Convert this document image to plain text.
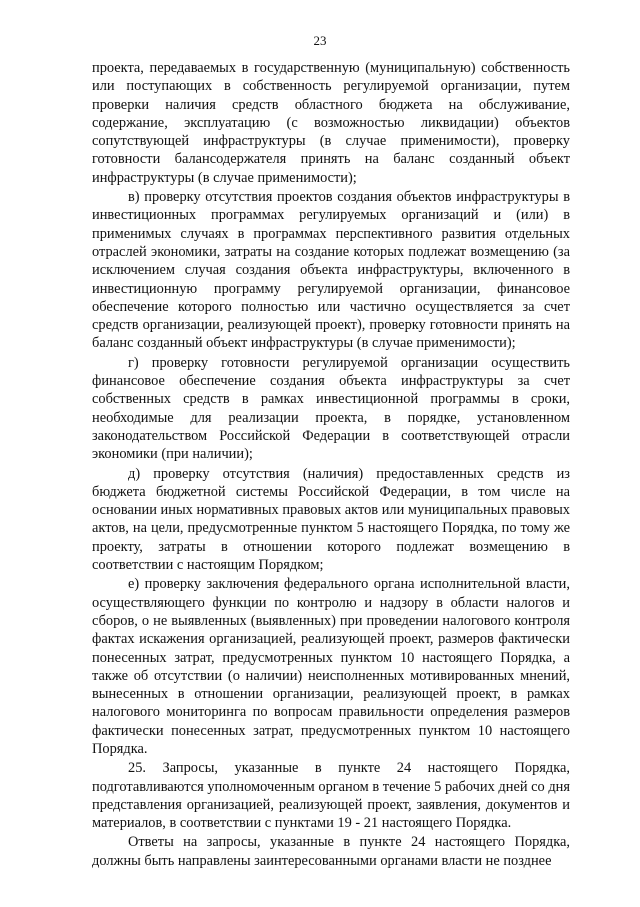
23

проекта, передаваемых в государственную (муниципальную) собственность или поступающих в собственность регулируемой организации, путем проверки наличия средств областного бюджета на обслуживание, содержание, эксплуатацию (с возможностью ликвидации) объектов сопутствующей инфраструктуры (в случае применимости), проверку готовности балансодержателя принять на баланс созданный объект инфраструктуры (в случае применимости);

в) проверку отсутствия проектов создания объектов инфраструктуры в инвестиционных программах регулируемых организаций и (или) в применимых случаях в программах перспективного развития отдельных отраслей экономики, затраты на создание которых подлежат возмещению (за исключением случая создания объекта инфраструктуры, включенного в инвестиционную программу регулируемой организации, финансовое обеспечение которого полностью или частично осуществляется за счет средств организации, реализующей проект), проверку готовности принять на баланс созданный объект инфраструктуры (в случае применимости);

г) проверку готовности регулируемой организации осуществить финансовое обеспечение создания объекта инфраструктуры за счет собственных средств в рамках инвестиционной программы в сроки, необходимые для реализации проекта, в порядке, установленном законодательством Российской Федерации в соответствующей отрасли экономики (при наличии);

д) проверку отсутствия (наличия) предоставленных средств из бюджета бюджетной системы Российской Федерации, в том числе на основании иных нормативных правовых актов или муниципальных правовых актов, на цели, предусмотренные пунктом 5 настоящего Порядка, по тому же проекту, затраты в отношении которого подлежат возмещению в соответствии с настоящим Порядком;

е) проверку заключения федерального органа исполнительной власти, осуществляющего функции по контролю и надзору в области налогов и сборов, о не выявленных (выявленных) при проведении налогового контроля фактах искажения организацией, реализующей проект, размеров фактически понесенных затрат, предусмотренных пунктом 10 настоящего Порядка, а также об отсутствии (о наличии) неисполненных мотивированных мнений, вынесенных в отношении организации, реализующей проект, в рамках налогового мониторинга по вопросам правильности определения размеров фактически понесенных затрат, предусмотренных пунктом 10 настоящего Порядка.

25. Запросы, указанные в пункте 24 настоящего Порядка, подготавливаются уполномоченным органом в течение 5 рабочих дней со дня представления организацией, реализующей проект, заявления, документов и материалов, в соответствии с пунктами 19 - 21 настоящего Порядка.

Ответы на запросы, указанные в пункте 24 настоящего Порядка, должны быть направлены заинтересованными органами власти не позднее
